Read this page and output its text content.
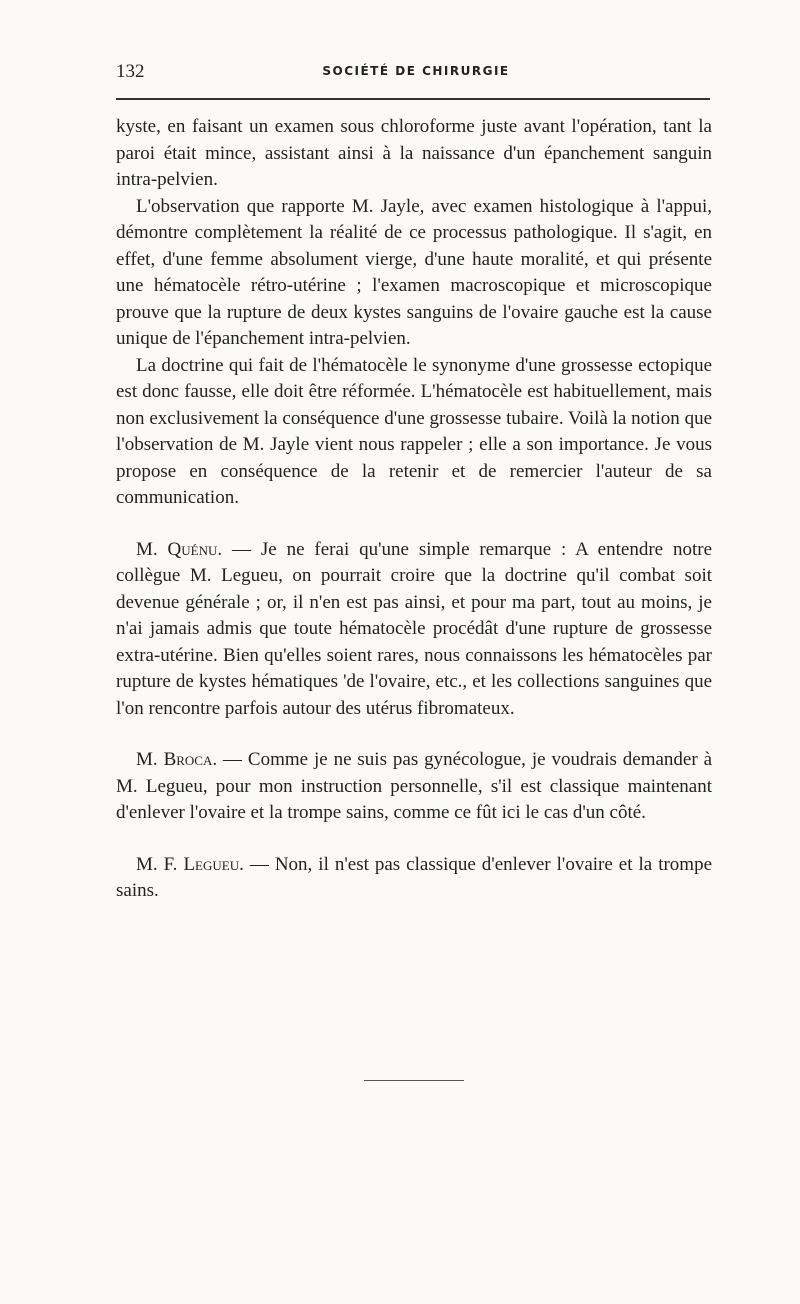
132	SOCIÉTÉ DE CHIRURGIE

kyste, en faisant un examen sous chloroforme juste avant l'opération, tant la paroi était mince, assistant ainsi à la naissance d'un épanchement sanguin intra-pelvien.

L'observation que rapporte M. Jayle, avec examen histologique à l'appui, démontre complètement la réalité de ce processus pathologique. Il s'agit, en effet, d'une femme absolument vierge, d'une haute moralité, et qui présente une hématocèle rétro-utérine ; l'examen macroscopique et microscopique prouve que la rupture de deux kystes sanguins de l'ovaire gauche est la cause unique de l'épanchement intra-pelvien.

La doctrine qui fait de l'hématocèle le synonyme d'une grossesse ectopique est donc fausse, elle doit être réformée. L'hématocèle est habituellement, mais non exclusivement la conséquence d'une grossesse tubaire. Voilà la notion que l'observation de M. Jayle vient nous rappeler ; elle a son importance. Je vous propose en conséquence de la retenir et de remercier l'auteur de sa communication.

M. Quénu. — Je ne ferai qu'une simple remarque : A entendre notre collègue M. Legueu, on pourrait croire que la doctrine qu'il combat soit devenue générale ; or, il n'en est pas ainsi, et pour ma part, tout au moins, je n'ai jamais admis que toute hématocèle procédât d'une rupture de grossesse extra-utérine. Bien qu'elles soient rares, nous connaissons les hématocèles par rupture de kystes hématiques 'de l'ovaire, etc., et les collections sanguines que l'on rencontre parfois autour des utérus fibromateux.

M. Broca. — Comme je ne suis pas gynécologue, je voudrais demander à M. Legueu, pour mon instruction personnelle, s'il est classique maintenant d'enlever l'ovaire et la trompe sains, comme ce fût ici le cas d'un côté.

M. F. Legueu. — Non, il n'est pas classique d'enlever l'ovaire et la trompe sains.
